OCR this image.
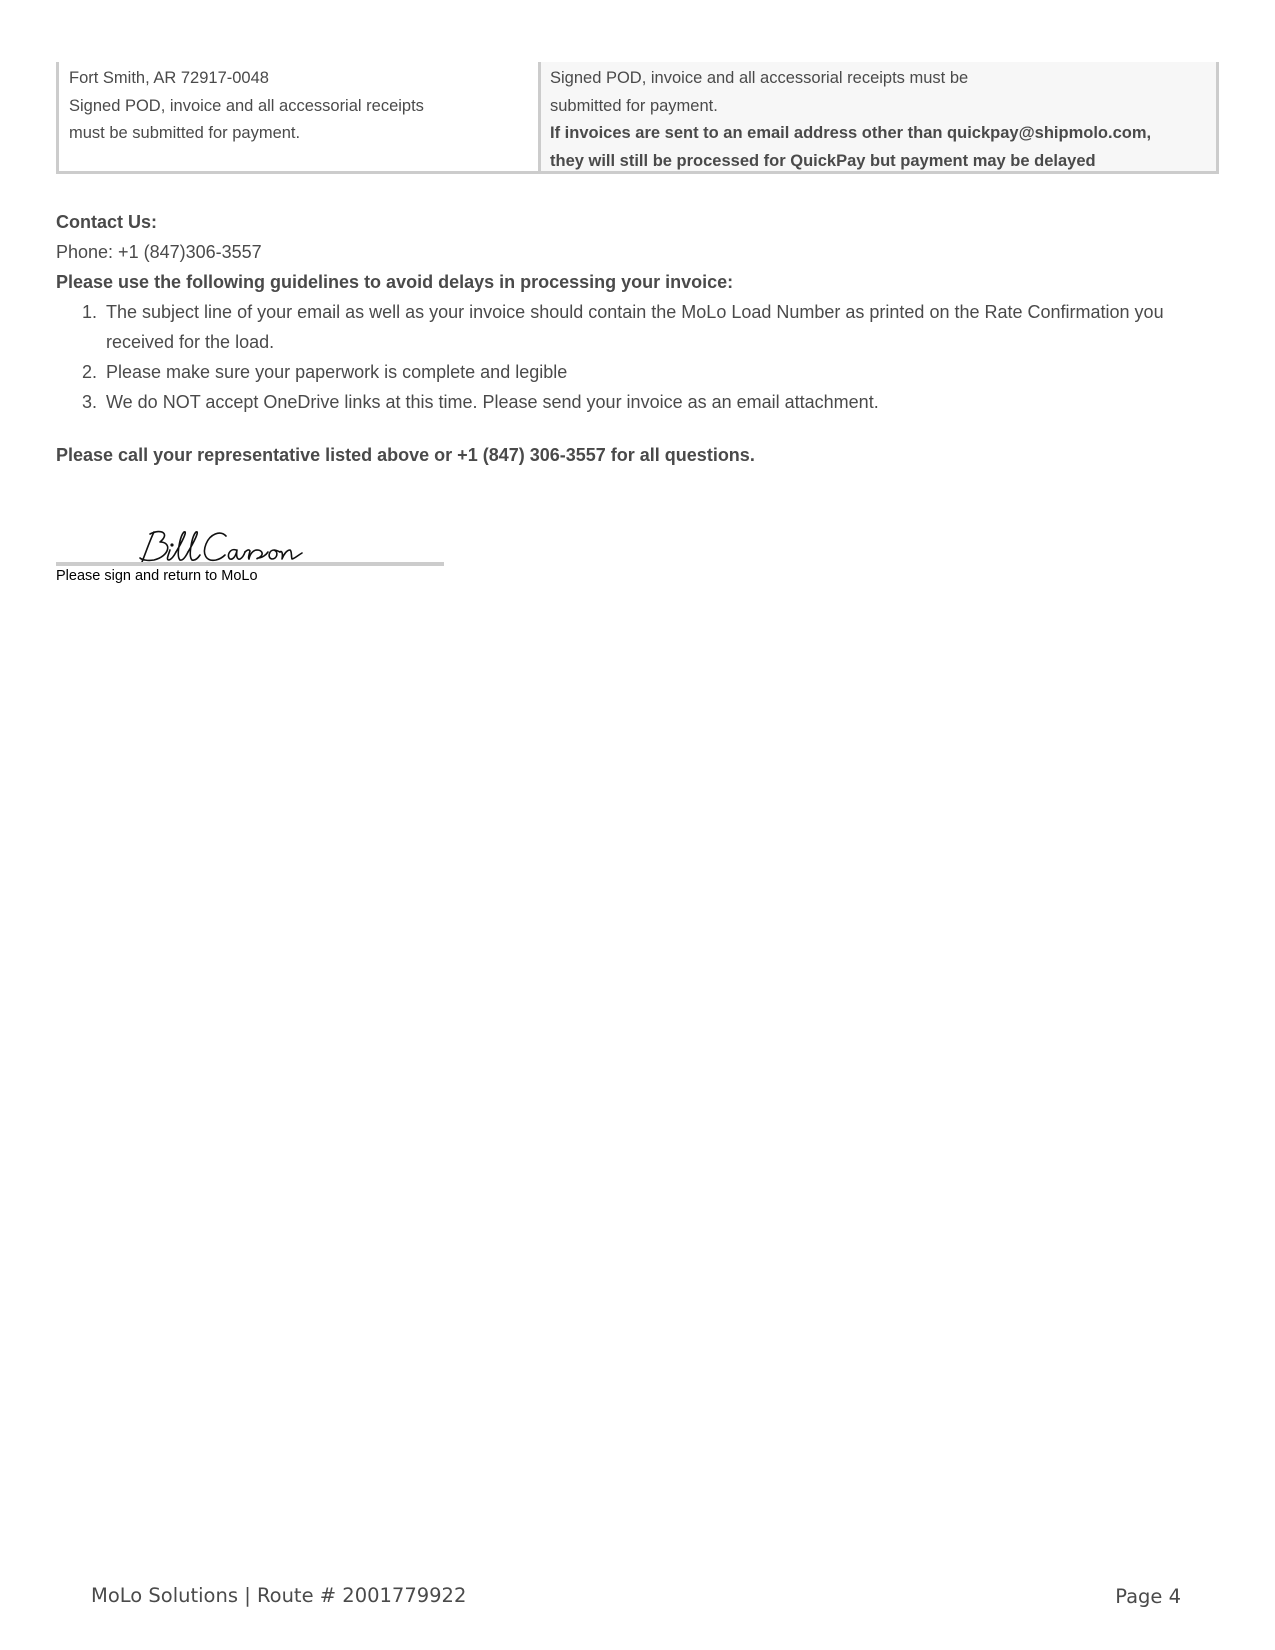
Fort Smith, AR 72917-0048
Signed POD, invoice and all accessorial receipts
must be submitted for payment.
Signed POD, invoice and all accessorial receipts must be
submitted for payment.
If invoices are sent to an email address other than quickpay@shipmolo.com,
they will still be processed for QuickPay but payment may be delayed
Contact Us:
Phone: +1 (847)306-3557
Please use the following guidelines to avoid delays in processing your invoice:
1. The subject line of your email as well as your invoice should contain the MoLo Load Number as printed on the Rate Confirmation you received for the load.
2. Please make sure your paperwork is complete and legible
3. We do NOT accept OneDrive links at this time. Please send your invoice as an email attachment.
Please call your representative listed above or +1 (847) 306-3557 for all questions.
Please sign and return to MoLo
MoLo Solutions | Route # 2001779922	Page 4
